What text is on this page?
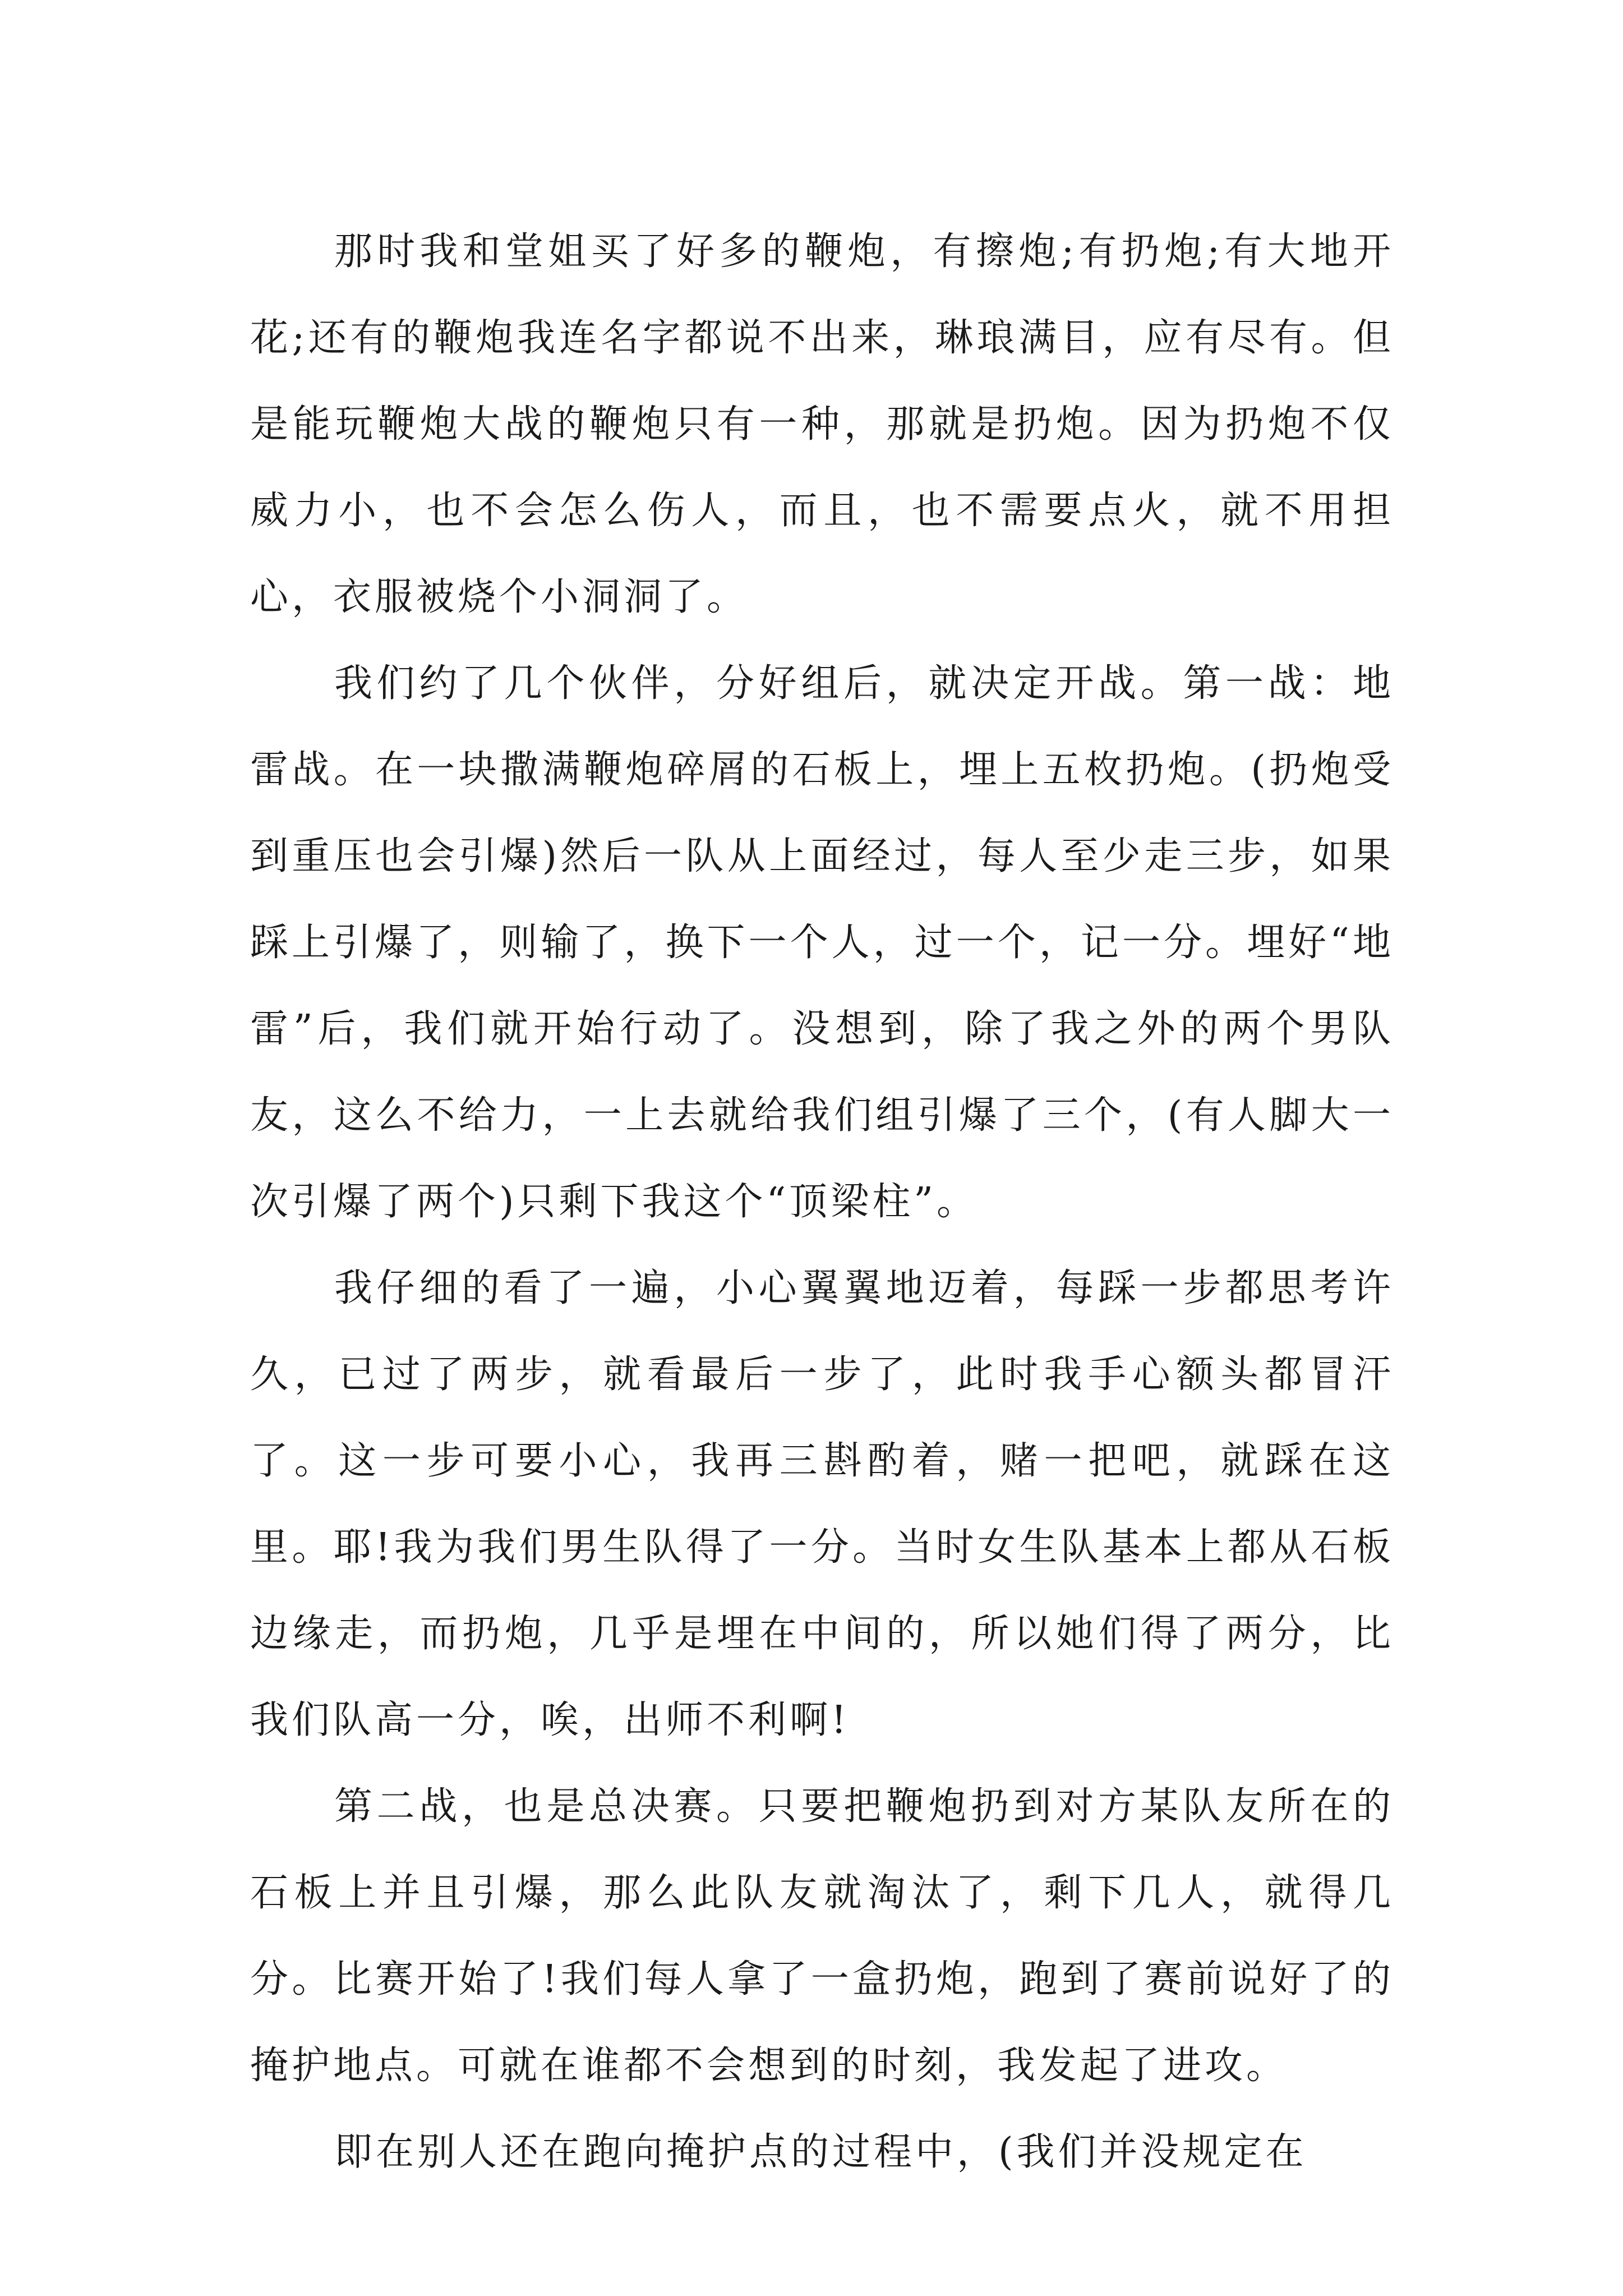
那时我和堂姐买了好多的鞭炮，有擦炮;有扔炮;有大地开花;还有的鞭炮我连名字都说不出来，琳琅满目，应有尽有。但是能玩鞭炮大战的鞭炮只有一种，那就是扔炮。因为扔炮不仅威力小，也不会怎么伤人，而且，也不需要点火，就不用担心，衣服被烧个小洞洞了。

我们约了几个伙伴，分好组后，就决定开战。第一战：地雷战。在一块撒满鞭炮碎屑的石板上，埋上五枚扔炮。(扔炮受到重压也会引爆)然后一队从上面经过，每人至少走三步，如果踩上引爆了，则输了，换下一个人，过一个，记一分。埋好“地雷”后，我们就开始行动了。没想到，除了我之外的两个男队友，这么不给力，一上去就给我们组引爆了三个，(有人脚大一次引爆了两个)只剩下我这个“顶梁柱”。

我仔细的看了一遍，小心翼翼地迈着，每踩一步都思考许久，已过了两步，就看最后一步了，此时我手心额头都冒汗了。这一步可要小心，我再三斟酌着，赌一把吧，就踩在这里。耶!我为我们男生队得了一分。当时女生队基本上都从石板边缘走，而扔炮，几乎是埋在中间的，所以她们得了两分，比我们队高一分，唉，出师不利啊!

第二战，也是总决赛。只要把鞭炮扔到对方某队友所在的石板上并且引爆，那么此队友就淘汰了，剩下几人，就得几分。比赛开始了!我们每人拿了一盒扔炮，跑到了赛前说好了的掩护地点。可就在谁都不会想到的时刻，我发起了进攻。

即在别人还在跑向掩护点的过程中，(我们并没规定在
